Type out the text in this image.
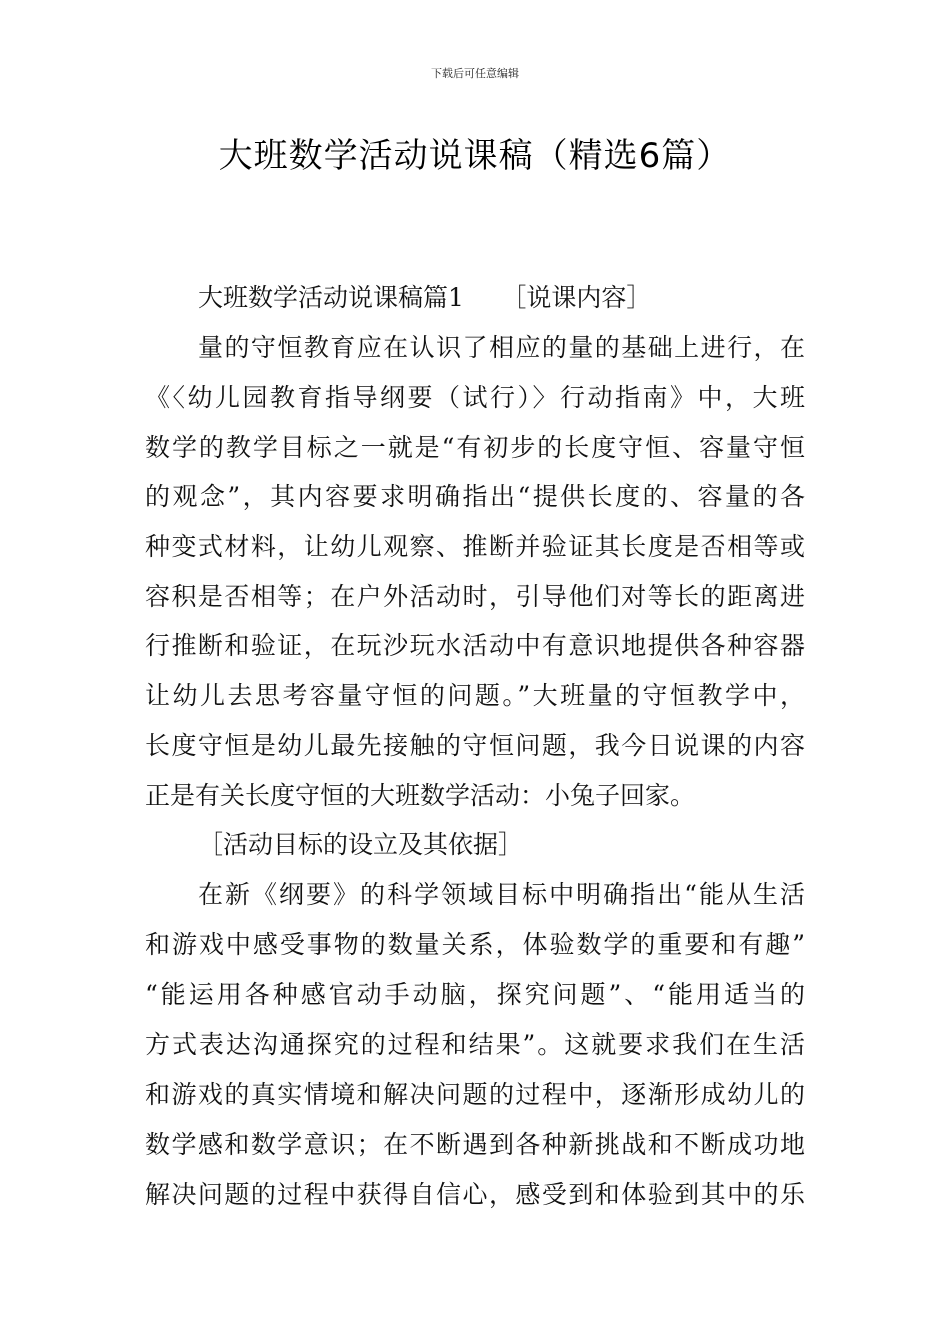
下载后可任意编辑
大班数学活动说课稿（精选6篇）
大班数学活动说课稿篇1　　［说课内容］
量的守恒教育应在认识了相应的量的基础上进行，在
《〈幼儿园教育指导纲要（试行）〉行动指南》中，大班
数学的教学目标之一就是“有初步的长度守恒、容量守恒
的观念”，其内容要求明确指出“提供长度的、容量的各
种变式材料，让幼儿观察、推断并验证其长度是否相等或
容积是否相等；在户外活动时，引导他们对等长的距离进
行推断和验证，在玩沙玩水活动中有意识地提供各种容器
让幼儿去思考容量守恒的问题。”大班量的守恒教学中，
长度守恒是幼儿最先接触的守恒问题，我今日说课的内容
正是有关长度守恒的大班数学活动：小兔子回家。
［活动目标的设立及其依据］
在新《纲要》的科学领域目标中明确指出“能从生活
和游戏中感受事物的数量关系，体验数学的重要和有趣”
“能运用各种感官动手动脑，探究问题”、“能用适当的
方式表达沟通探究的过程和结果”。这就要求我们在生活
和游戏的真实情境和解决问题的过程中，逐渐形成幼儿的
数学感和数学意识；在不断遇到各种新挑战和不断成功地
解决问题的过程中获得自信心，感受到和体验到其中的乐
